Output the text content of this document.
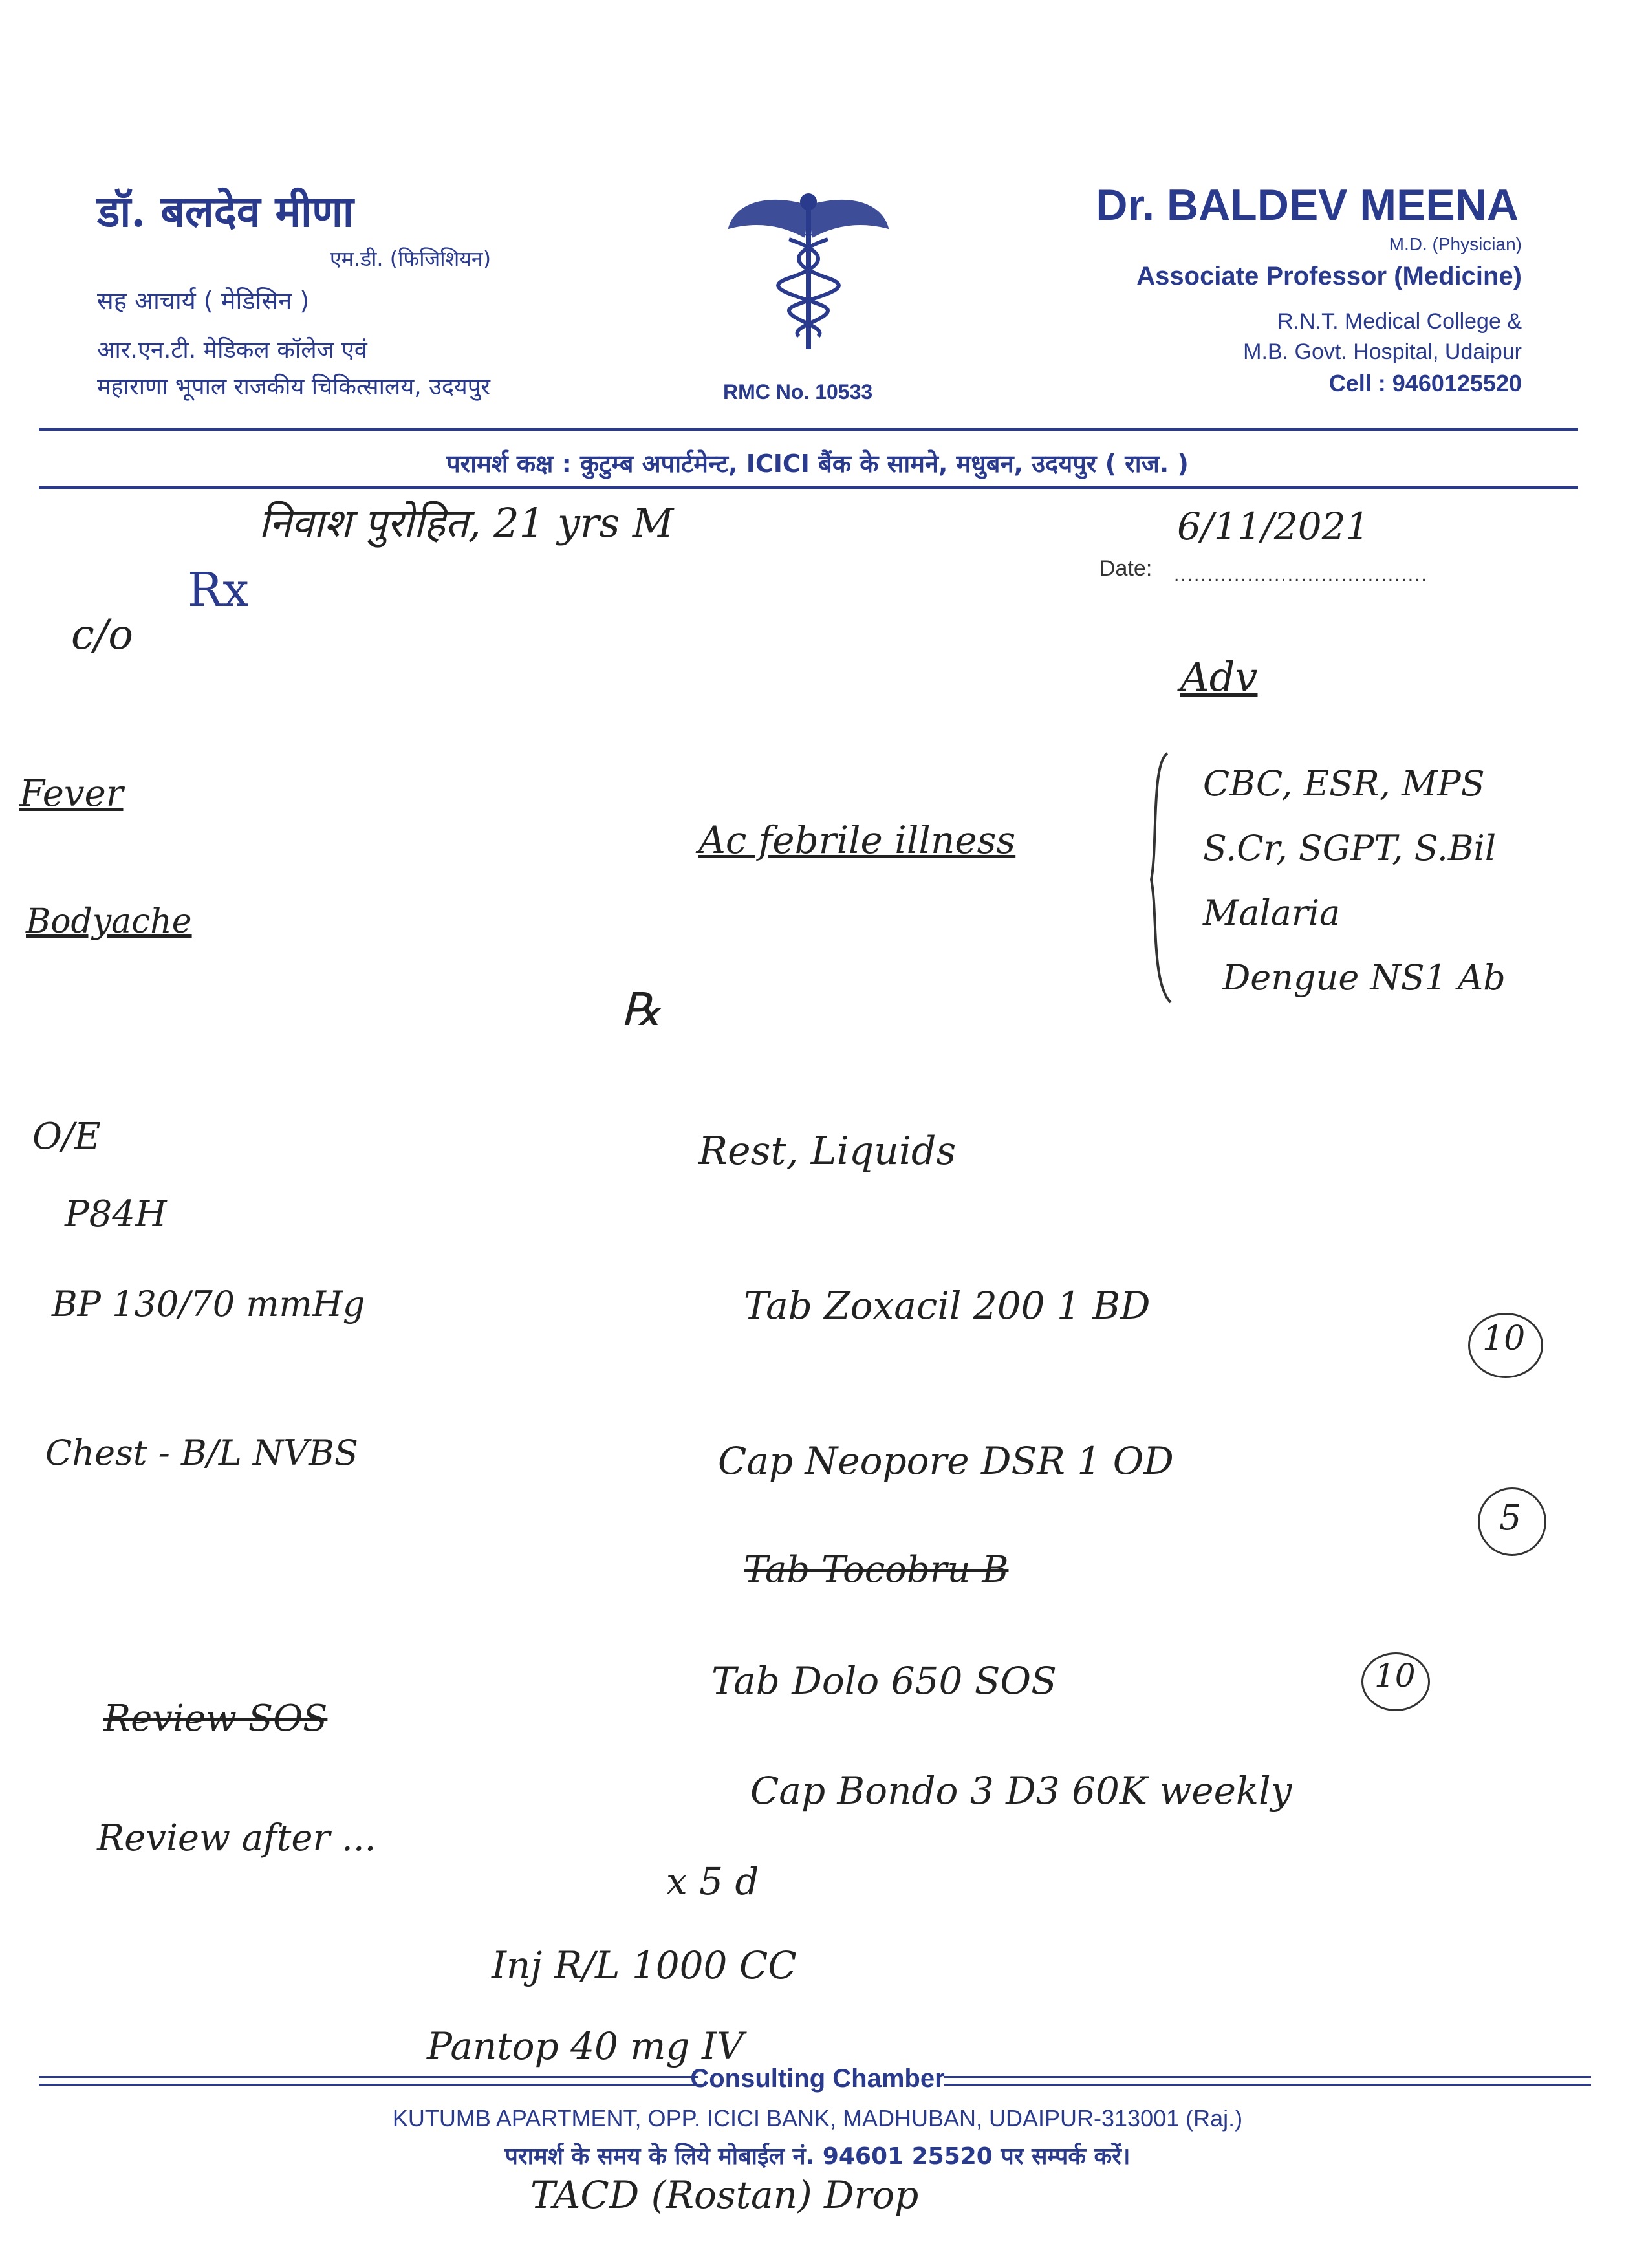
डॉ. बलदेव मीणा
एम.डी. (फिजिशियन)
सह आचार्य ( मेडिसिन )
आर.एन.टी. मेडिकल कॉलेज एवं
महाराणा भूपाल राजकीय चिकित्सालय, उदयपुर	RMC No. 10533
Dr. BALDEV MEENA
M.D. (Physician)
Associate Professor (Medicine)
R.N.T. Medical College &
M.B. Govt. Hospital, Udaipur
Cell : 9460125520
परामर्श कक्ष : कुटुम्ब अपार्टमेन्ट, ICICI बैंक के सामने, मधुबन, उदयपुर ( राज. )
Rx	Date: ......................................
निवाश पुरोहित, 21 yrs M	6/11/2021
c/o
Fever
Bodyache
O/E
P84H
BP 130/70 mmHg
Chest - B/L NVBS
Adv
Ac febrile illness
CBC, ESR, MPS
S.Cr, SGPT, S.Bil
Malaria
Dengue NS1 Ab
℞
Rest, Liquids
Tab Zoxacil 200 1 BD
10
Cap Neopore DSR 1 OD
5
Tab Tocobru B
Tab Dolo 650 SOS	10
Cap Bondo 3 D3 60K weekly
x 5 d
Review SOS
Review after ...
Inj R/L 1000 CC
Pantop 40 mg IV
Consulting Chamber
KUTUMB APARTMENT, OPP. ICICI BANK, MADHUBAN, UDAIPUR-313001 (Raj.)
परामर्श के समय के लिये मोबाईल नं. 94601 25520 पर सम्पर्क करें।
TACD (Rostan) Drop
